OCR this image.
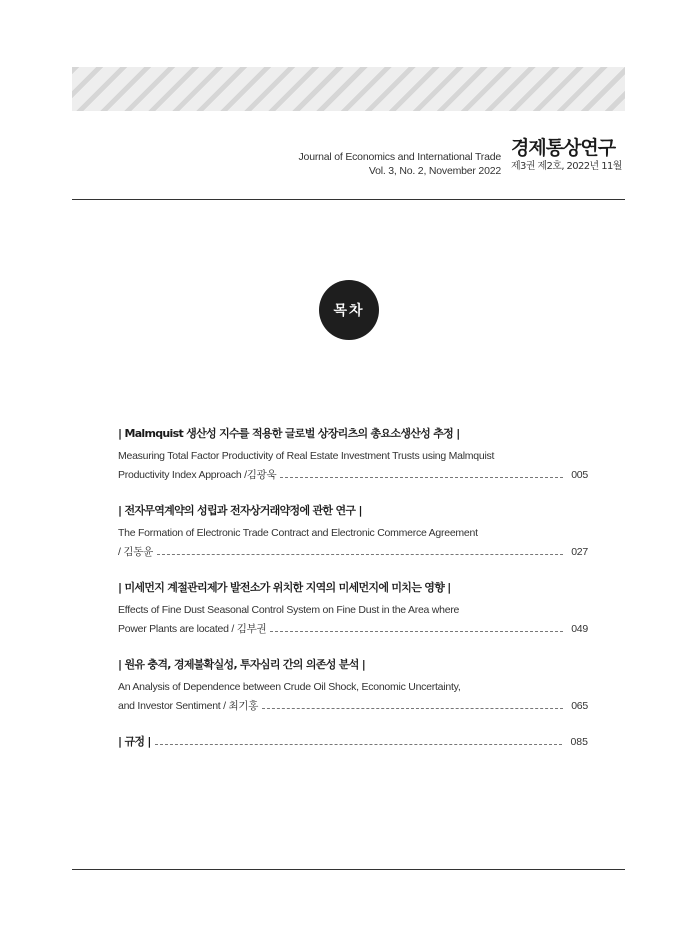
Journal of Economics and International Trade
Vol. 3, No. 2, November 2022
경제통상연구
제3권 제2호, 2022년 11월
목차
| Malmquist 생산성 지수를 적용한 글로벌 상장리츠의 총요소생산성 추정 |
Measuring Total Factor Productivity of Real Estate Investment Trusts using Malmquist
Productivity Index Approach /김광욱	005
| 전자무역계약의 성립과 전자상거래약정에 관한 연구 |
The Formation of Electronic Trade Contract and Electronic Commerce Agreement
/ 김동윤	027
| 미세먼지 계절관리제가 발전소가 위치한 지역의 미세먼지에 미치는 영향 |
Effects of Fine Dust Seasonal Control System on Fine Dust in the Area where
Power Plants are located / 김부권	049
| 원유 충격, 경제불확실성, 투자심리 간의 의존성 분석 |
An Analysis of Dependence between Crude Oil Shock, Economic Uncertainty,
and Investor Sentiment / 최기홍	065
| 규정 |	085
